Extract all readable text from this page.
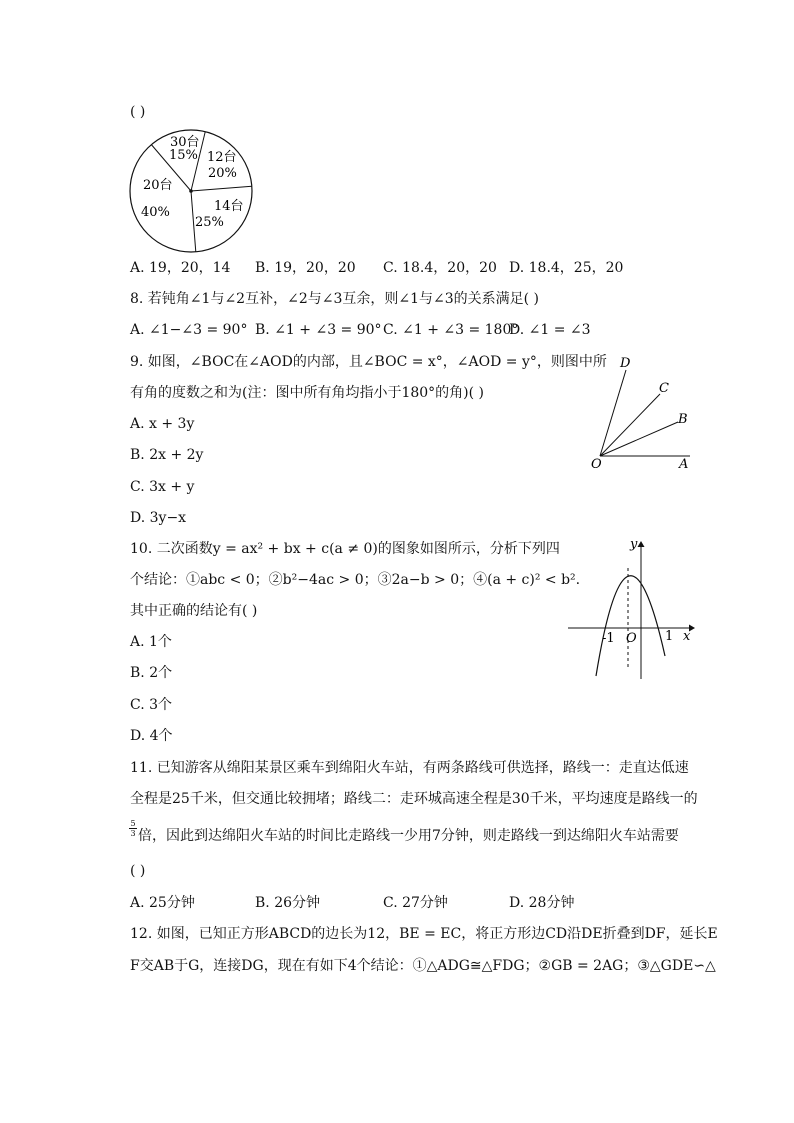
( )
30台
15% 12台
20%
14台
25%
20台
40%
A. 19，20，14 B. 19，20，20 C. 18.4，20，20 D. 18.4，25，20
8. 若钝角∠1与∠2互补，∠2与∠3互余，则∠1与∠3的关系满足( )
A. ∠1−∠3 = 90° B. ∠1 + ∠3 = 90° C. ∠1 + ∠3 = 180°
D. ∠1 = ∠3
9. 如图，∠BOC在∠AOD的内部，且∠BOC = x°，∠AOD = y°，则图中所
有角的度数之和为(注：图中所有角均指小于180°的角)( )
A. x + 3y
B. 2x + 2y
C. 3x + y
D. 3y−x
D
C
B
O	A
10. 二次函数y = ax² + bx + c(a ≠ 0)的图象如图所示，分析下列四
个结论：①abc < 0；②b²−4ac > 0；③2a−b > 0；④(a + c)² < b².
其中正确的结论有( )
A. 1个
B. 2个
C. 3个
D. 4个
y
x
-1 O 1
11. 已知游客从绵阳某景区乘车到绵阳火车站，有两条路线可供选择，路线一：走直达低速
全程是25千米，但交通比较拥堵；路线二：走环城高速全程是30千米，平均速度是路线一的
$\frac{5}{3}$ 倍，因此到达绵阳火车站的时间比走路线一少用7分钟，则走路线一到达绵阳火车站需要
( )
A. 25分钟	B. 26分钟	C. 27分钟	D. 28分钟
12. 如图，已知正方形ABCD的边长为12，BE = EC，将正方形边CD沿DE折叠到DF，延长E
F交AB于G，连接DG，现在有如下4个结论：①△ADG≅△FDG；②GB = 2AG；③△GDE∽△
